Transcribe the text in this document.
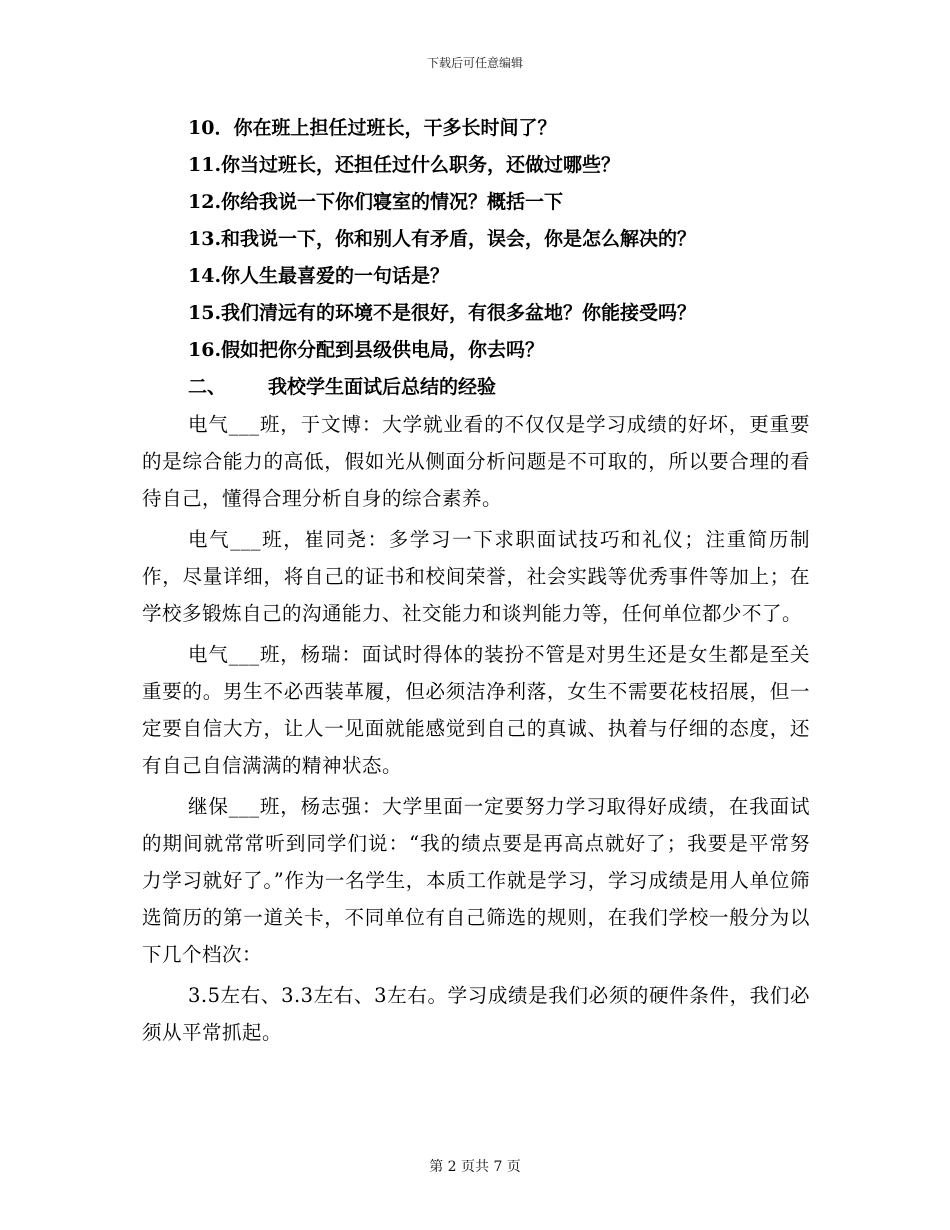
下载后可任意编辑
10．你在班上担任过班长，干多长时间了？
11.你当过班长，还担任过什么职务，还做过哪些？
12.你给我说一下你们寝室的情况？概括一下
13.和我说一下，你和别人有矛盾，误会，你是怎么解决的？
14.你人生最喜爱的一句话是？
15.我们清远有的环境不是很好，有很多盆地？你能接受吗？
16.假如把你分配到县级供电局，你去吗？
二、 我校学生面试后总结的经验

电气___班，于文博：大学就业看的不仅仅是学习成绩的好坏，更重要的是综合能力的高低，假如光从侧面分析问题是不可取的，所以要合理的看待自己，懂得合理分析自身的综合素养。

电气___班，崔同尧：多学习一下求职面试技巧和礼仪；注重简历制作，尽量详细，将自己的证书和校间荣誉，社会实践等优秀事件等加上；在学校多锻炼自己的沟通能力、社交能力和谈判能力等，任何单位都少不了。

电气___班，杨瑞：面试时得体的装扮不管是对男生还是女生都是至关重要的。男生不必西装革履，但必须洁净利落，女生不需要花枝招展，但一定要自信大方，让人一见面就能感觉到自己的真诚、执着与仔细的态度，还有自己自信满满的精神状态。

继保___班，杨志强：大学里面一定要努力学习取得好成绩，在我面试的期间就常常听到同学们说：“我的绩点要是再高点就好了；我要是平常努力学习就好了。”作为一名学生，本质工作就是学习，学习成绩是用人单位筛选简历的第一道关卡，不同单位有自己筛选的规则，在我们学校一般分为以下几个档次：

3.5左右、3.3左右、3左右。学习成绩是我们必须的硬件条件，我们必须从平常抓起。

第 2 页共 7 页
